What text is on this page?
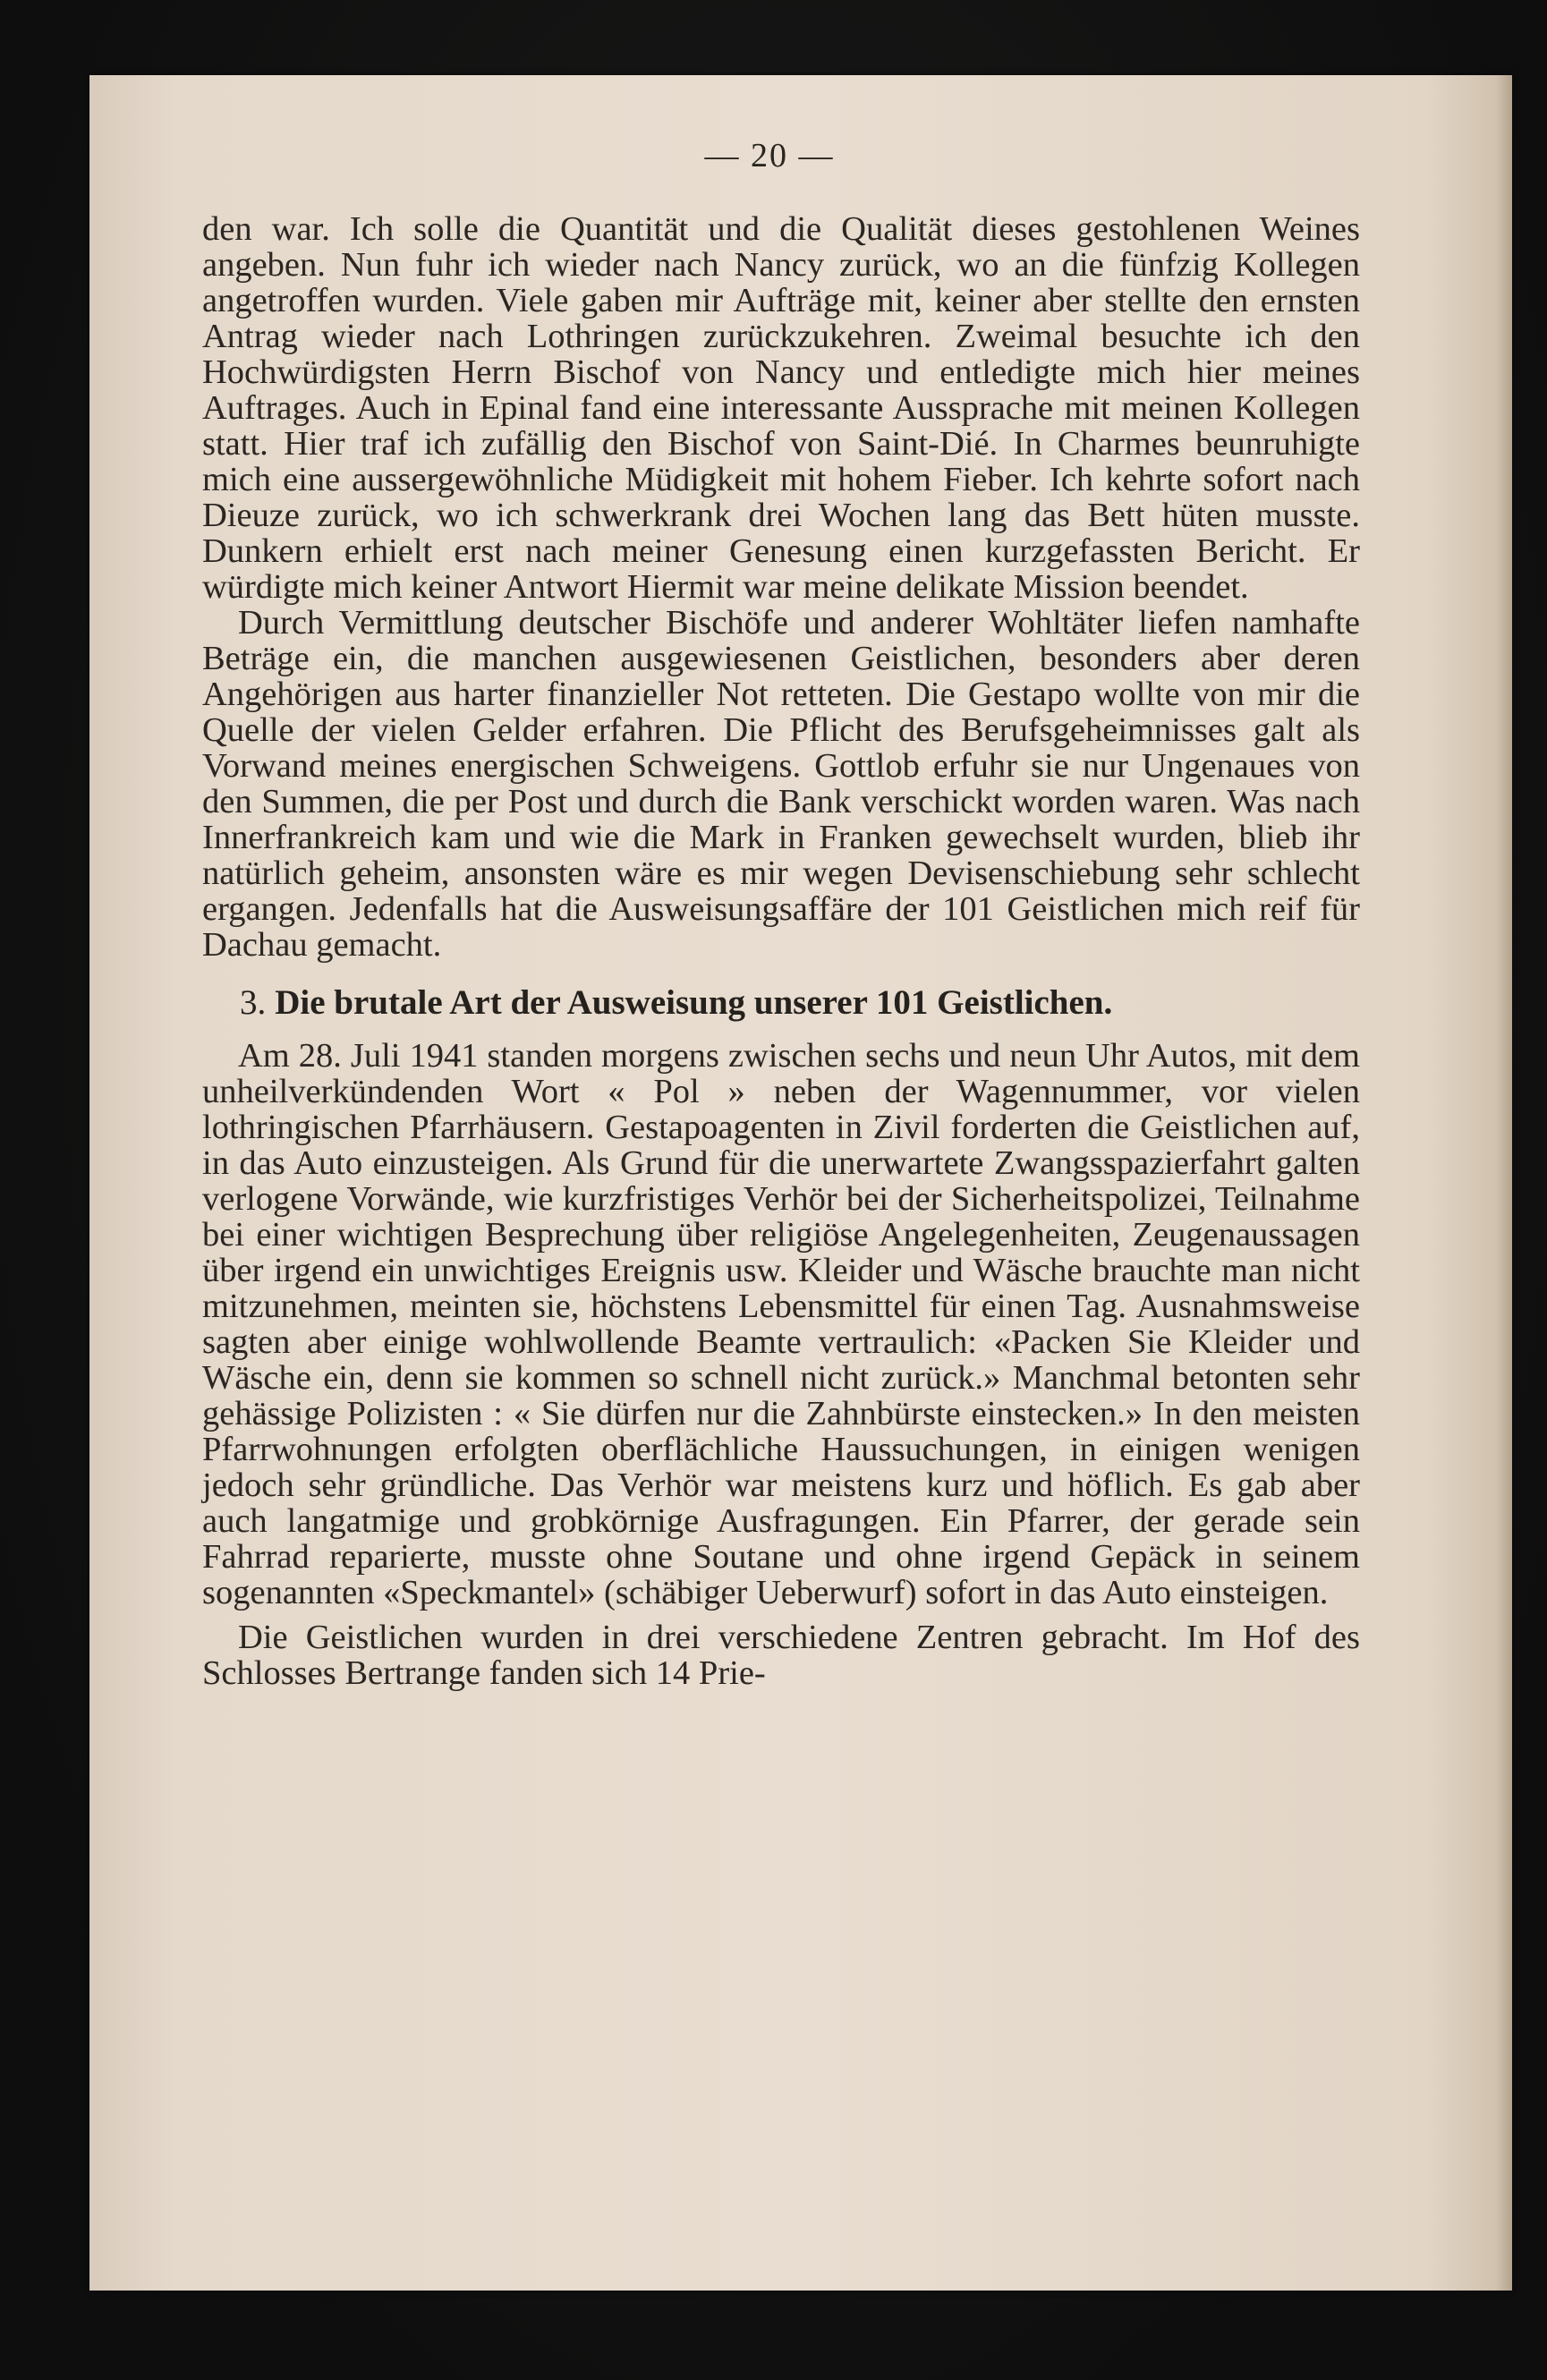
— 20 —

den war. Ich solle die Quantität und die Qualität dieses gestohlenen Weines angeben. Nun fuhr ich wieder nach Nancy zurück, wo an die fünfzig Kollegen angetroffen wurden. Viele gaben mir Aufträge mit, keiner aber stellte den ernsten Antrag wieder nach Lothringen zurückzukehren. Zweimal besuchte ich den Hochwürdigsten Herrn Bischof von Nancy und entledigte mich hier meines Auftrages. Auch in Epinal fand eine interessante Aussprache mit meinen Kollegen statt. Hier traf ich zufällig den Bischof von Saint-Dié. In Charmes beunruhigte mich eine aussergewöhnliche Müdigkeit mit hohem Fieber. Ich kehrte sofort nach Dieuze zurück, wo ich schwerkrank drei Wochen lang das Bett hüten musste. Dunkern erhielt erst nach meiner Genesung einen kurzgefassten Bericht. Er würdigte mich keiner Antwort Hiermit war meine delikate Mission beendet.

Durch Vermittlung deutscher Bischöfe und anderer Wohltäter liefen namhafte Beträge ein, die manchen ausgewiesenen Geistlichen, besonders aber deren Angehörigen aus harter finanzieller Not retteten. Die Gestapo wollte von mir die Quelle der vielen Gelder erfahren. Die Pflicht des Berufsgeheimnisses galt als Vorwand meines energischen Schweigens. Gottlob erfuhr sie nur Ungenaues von den Summen, die per Post und durch die Bank verschickt worden waren. Was nach Innerfrankreich kam und wie die Mark in Franken gewechselt wurden, blieb ihr natürlich geheim, ansonsten wäre es mir wegen Devisenschiebung sehr schlecht ergangen. Jedenfalls hat die Ausweisungsaffäre der 101 Geistlichen mich reif für Dachau gemacht.

3. Die brutale Art der Ausweisung unserer 101 Geistlichen.

Am 28. Juli 1941 standen morgens zwischen sechs und neun Uhr Autos, mit dem unheilverkündenden Wort « Pol » neben der Wagennummer, vor vielen lothringischen Pfarrhäusern. Gestapoagenten in Zivil forderten die Geistlichen auf, in das Auto einzusteigen. Als Grund für die unerwartete Zwangsspazierfahrt galten verlogene Vorwände, wie kurzfristiges Verhör bei der Sicherheitspolizei, Teilnahme bei einer wichtigen Besprechung über religiöse Angelegenheiten, Zeugenaussagen über irgend ein unwichtiges Ereignis usw. Kleider und Wäsche brauchte man nicht mitzunehmen, meinten sie, höchstens Lebensmittel für einen Tag. Ausnahmsweise sagten aber einige wohlwollende Beamte vertraulich: «Packen Sie Kleider und Wäsche ein, denn sie kommen so schnell nicht zurück.» Manchmal betonten sehr gehässige Polizisten : « Sie dürfen nur die Zahnbürste einstecken.» In den meisten Pfarrwohnungen erfolgten oberflächliche Haussuchungen, in einigen wenigen jedoch sehr gründliche. Das Verhör war meistens kurz und höflich. Es gab aber auch langatmige und grobkörnige Ausfragungen. Ein Pfarrer, der gerade sein Fahrrad reparierte, musste ohne Soutane und ohne irgend Gepäck in seinem sogenannten «Speckmantel» (schäbiger Ueberwurf) sofort in das Auto einsteigen.

Die Geistlichen wurden in drei verschiedene Zentren gebracht. Im Hof des Schlosses Bertrange fanden sich 14 Prie-
